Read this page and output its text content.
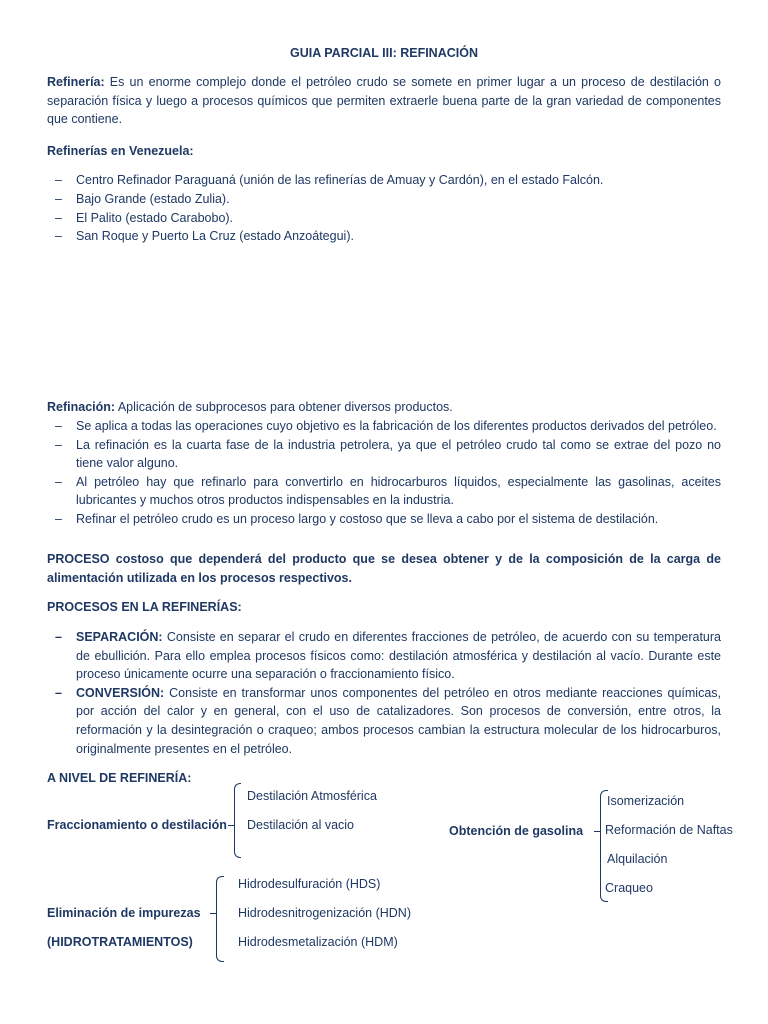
GUIA PARCIAL III: REFINACIÓN
Refinería: Es un enorme complejo donde el petróleo crudo se somete en primer lugar a un proceso de destilación o separación física y luego a procesos químicos que permiten extraerle buena parte de la gran variedad de componentes que contiene.
Refinerías en Venezuela:
– Centro Refinador Paraguaná (unión de las refinerías de Amuay y Cardón), en el estado Falcón.
– Bajo Grande (estado Zulia).
– El Palito (estado Carabobo).
– San Roque y Puerto La Cruz (estado Anzoátegui).
Refinación: Aplicación de subprocesos para obtener diversos productos.
– Se aplica a todas las operaciones cuyo objetivo es la fabricación de los diferentes productos derivados del petróleo.
– La refinación es la cuarta fase de la industria petrolera, ya que el petróleo crudo tal como se extrae del pozo no tiene valor alguno.
– Al petróleo hay que refinarlo para convertirlo en hidrocarburos líquidos, especialmente las gasolinas, aceites lubricantes y muchos otros productos indispensables en la industria.
– Refinar el petróleo crudo es un proceso largo y costoso que se lleva a cabo por el sistema de destilación.
PROCESO costoso que dependerá del producto que se desea obtener y de la composición de la carga de alimentación utilizada en los procesos respectivos.
PROCESOS EN LA REFINERÍAS:
– SEPARACIÓN: Consiste en separar el crudo en diferentes fracciones de petróleo, de acuerdo con su temperatura de ebullición. Para ello emplea procesos físicos como: destilación atmosférica y destilación al vacío. Durante este proceso únicamente ocurre una separación o fraccionamiento físico.
– CONVERSIÓN: Consiste en transformar unos componentes del petróleo en otros mediante reacciones químicas, por acción del calor y en general, con el uso de catalizadores. Son procesos de conversión, entre otros, la reformación y la desintegración o craqueo; ambos procesos cambian la estructura molecular de los hidrocarburos, originalmente presentes en el petróleo.
A NIVEL DE REFINERÍA:
Fraccionamiento o destilación
Destilación Atmosférica
Destilación al vacio	Obtención de gasolina
Isomerización
Reformación de Naftas
Alquilación
Craqueo
Eliminación de impurezas
(HIDROTRATAMIENTOS)
Hidrodesulfuración (HDS)
Hidrodesnitrogenización (HDN)
Hidrodesmetalización (HDM)
